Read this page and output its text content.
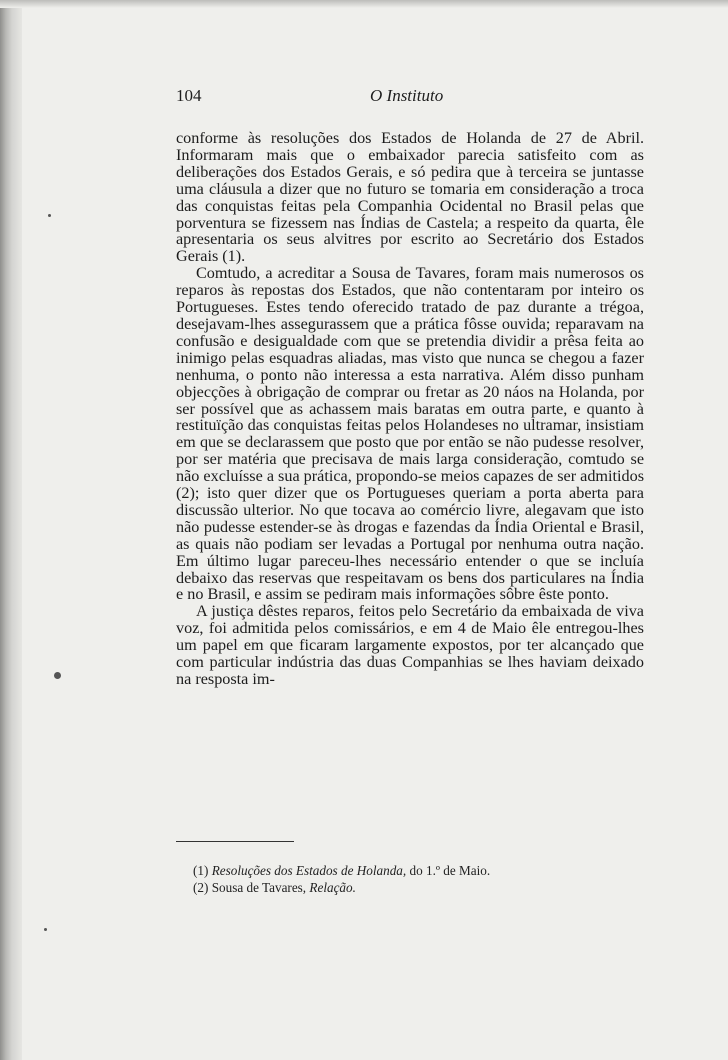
104	O Instituto

conforme às resoluções dos Estados de Holanda de 27 de Abril. Informaram mais que o embaixador parecia satisfeito com as deliberações dos Estados Gerais, e só pedira que à terceira se juntasse uma cláusula a dizer que no futuro se tomaria em consideração a troca das conquistas feitas pela Companhia Ocidental no Brasil pelas que porventura se fizessem nas Índias de Castela; a respeito da quarta, êle apresentaria os seus alvitres por escrito ao Secretário dos Estados Gerais (1).

Comtudo, a acreditar a Sousa de Tavares, foram mais numerosos os reparos às repostas dos Estados, que não contentaram por inteiro os Portugueses. Estes tendo oferecido tratado de paz durante a trégoa, desejavam-lhes assegurassem que a prática fôsse ouvida; reparavam na confusão e desigualdade com que se pretendia dividir a prêsa feita ao inimigo pelas esquadras aliadas, mas visto que nunca se chegou a fazer nenhuma, o ponto não interessa a esta narrativa. Além disso punham objecções à obrigação de comprar ou fretar as 20 náos na Holanda, por ser possível que as achassem mais baratas em outra parte, e quanto à restituïção das conquistas feitas pelos Holandeses no ultramar, insistiam em que se declarassem que posto que por então se não pudesse resolver, por ser matéria que precisava de mais larga consideração, comtudo se não excluísse a sua prática, propondo-se meios capazes de ser admitidos (2); isto quer dizer que os Portugueses queriam a porta aberta para discussão ulterior. No que tocava ao comércio livre, alegavam que isto não pudesse estender-se às drogas e fazendas da Índia Oriental e Brasil, as quais não podiam ser levadas a Portugal por nenhuma outra nação. Em último lugar pareceu-lhes necessário entender o que se incluía debaixo das reservas que respeitavam os bens dos particulares na Índia e no Brasil, e assim se pediram mais informações sôbre êste ponto.

A justiça dêstes reparos, feitos pelo Secretário da embaixada de viva voz, foi admitida pelos comissários, e em 4 de Maio êle entregou-lhes um papel em que ficaram largamente expostos, por ter alcançado que com particular indústria das duas Companhias se lhes haviam deixado na resposta im-

(1) Resoluções dos Estados de Holanda, do 1.º de Maio.
(2) Sousa de Tavares, Relação.
